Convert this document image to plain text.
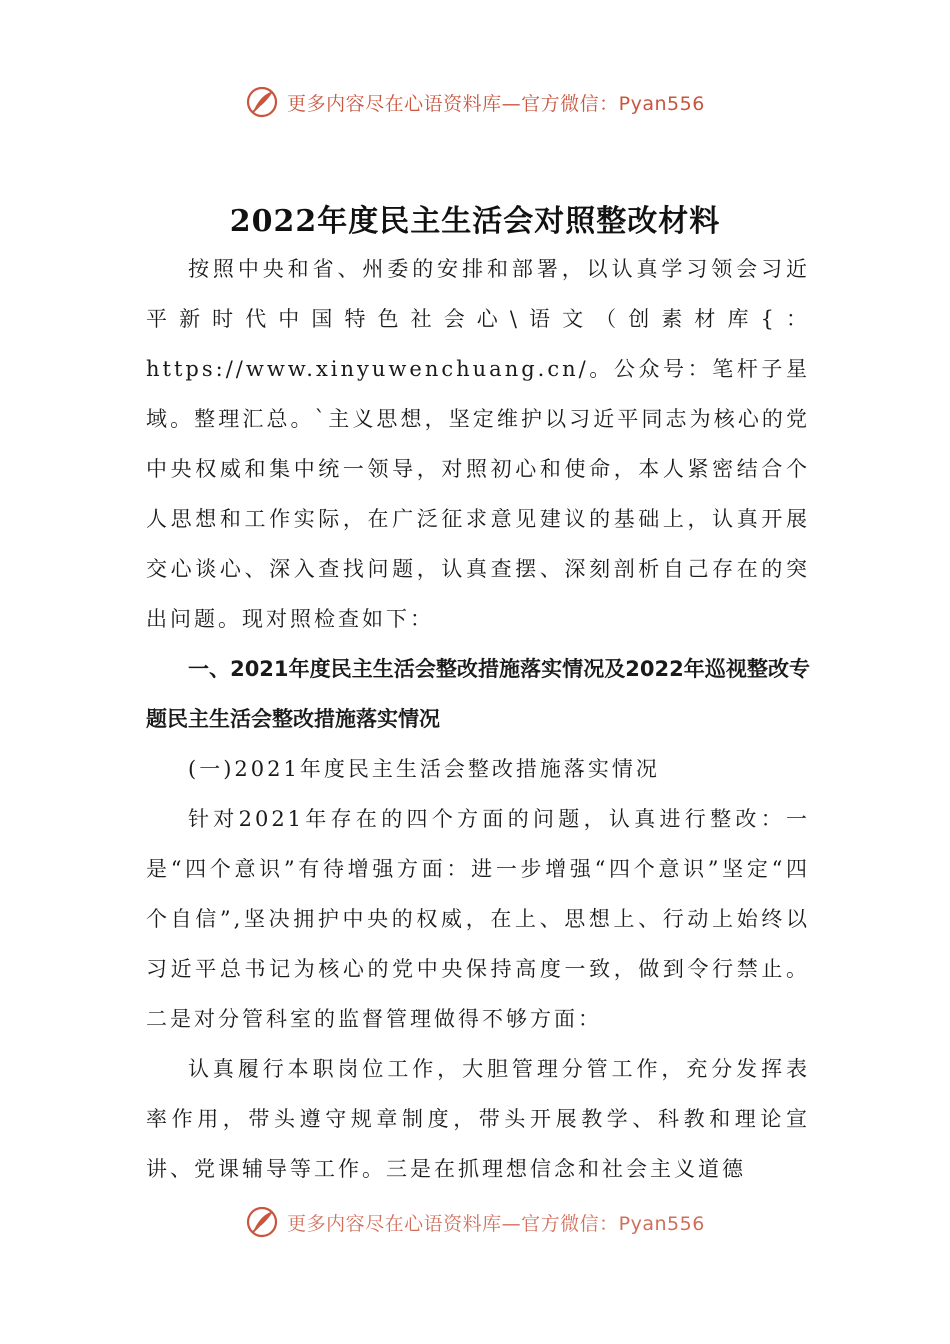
更多内容尽在心语资料库—官方微信：Pyan556
2022年度民主生活会对照整改材料

按照中央和省、州委的安排和部署，以认真学习领会习近平新时代中国特色社会心\语文（创素材库{：https://www.xinyuwenchuang.cn/。公众号：笔杆子星域。整理汇总。`主义思想，坚定维护以习近平同志为核心的党中央权威和集中统一领导，对照初心和使命，本人紧密结合个人思想和工作实际，在广泛征求意见建议的基础上，认真开展交心谈心、深入查找问题，认真查摆、深刻剖析自己存在的突出问题。现对照检查如下：

一、2021年度民主生活会整改措施落实情况及2022年巡视整改专题民主生活会整改措施落实情况

(一)2021年度民主生活会整改措施落实情况

针对2021年存在的四个方面的问题，认真进行整改：一是“四个意识”有待增强方面：进一步增强“四个意识”坚定“四个自信”,坚决拥护中央的权威，在上、思想上、行动上始终以习近平总书记为核心的党中央保持高度一致，做到令行禁止。二是对分管科室的监督管理做得不够方面：

认真履行本职岗位工作，大胆管理分管工作，充分发挥表率作用，带头遵守规章制度，带头开展教学、科教和理论宣讲、党课辅导等工作。三是在抓理想信念和社会主义道德

更多内容尽在心语资料库—官方微信：Pyan556
